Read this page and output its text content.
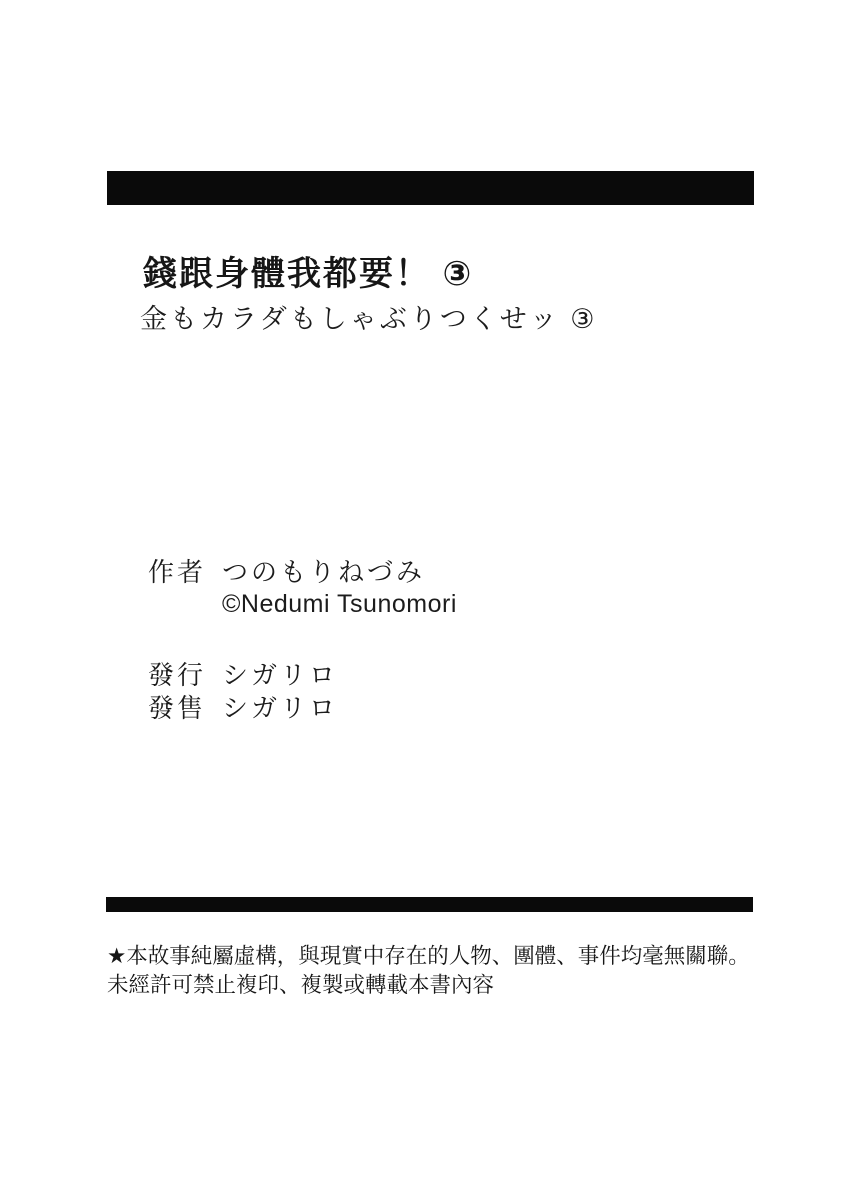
錢跟身體我都要！ ③
金もカラダもしゃぶりつくせッ ③
作者 つのもりねづみ
©Nedumi Tsunomori
發行 シガリロ
發售 シガリロ
★本故事純屬虛構，與現實中存在的人物、團體、事件均毫無關聯。
未經許可禁止複印、複製或轉載本書內容
